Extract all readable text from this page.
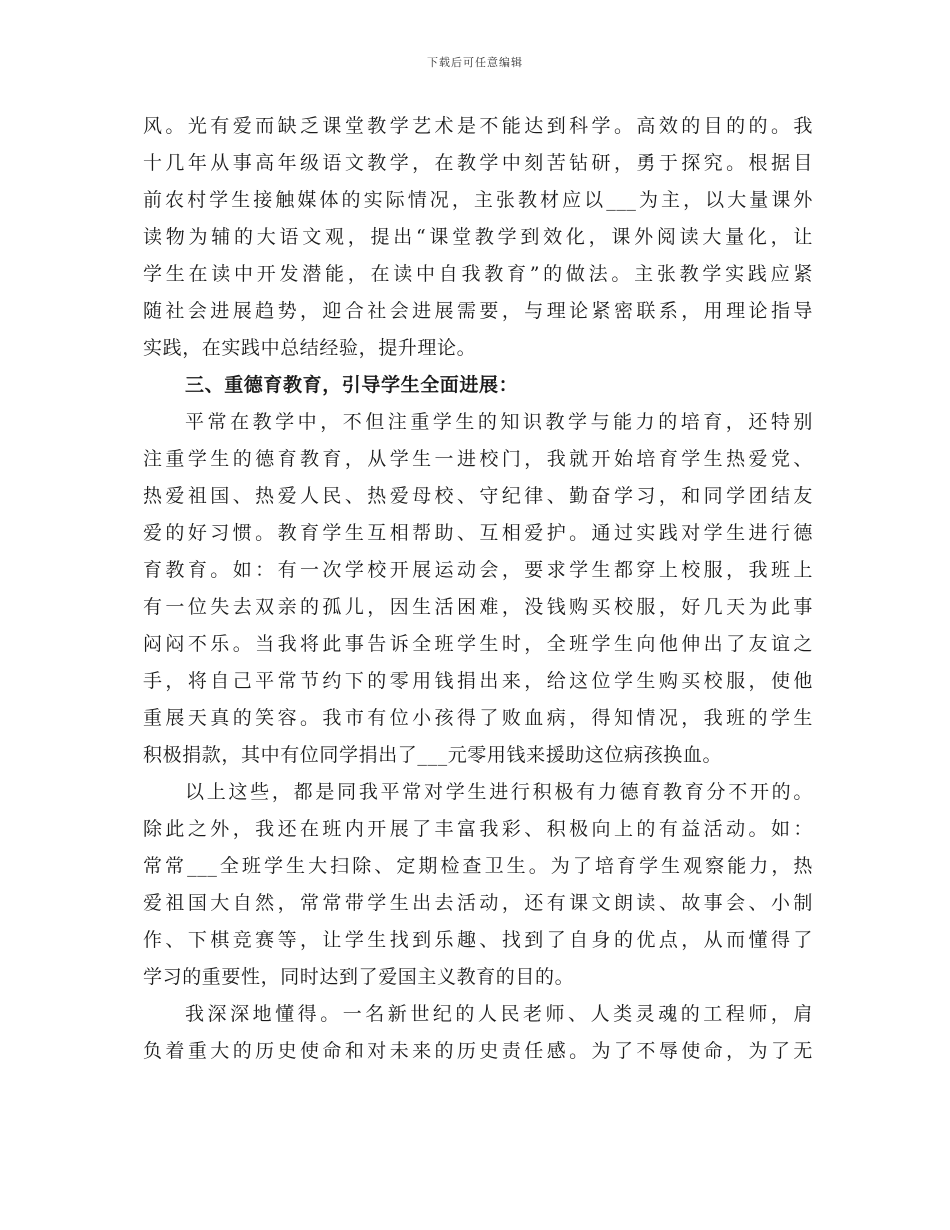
下载后可任意编辑
风。光有爱而缺乏课堂教学艺术是不能达到科学。高效的目的的。我
十几年从事高年级语文教学，在教学中刻苦钻研，勇于探究。根据目
前农村学生接触媒体的实际情况，主张教材应以___为主，以大量课外
读物为辅的大语文观，提出“课堂教学到效化，课外阅读大量化，让
学生在读中开发潜能，在读中自我教育”的做法。主张教学实践应紧
随社会进展趋势，迎合社会进展需要，与理论紧密联系，用理论指导
实践，在实践中总结经验，提升理论。
三、重德育教育，引导学生全面进展：
平常在教学中，不但注重学生的知识教学与能力的培育，还特别
注重学生的德育教育，从学生一进校门，我就开始培育学生热爱党、
热爱祖国、热爱人民、热爱母校、守纪律、勤奋学习，和同学团结友
爱的好习惯。教育学生互相帮助、互相爱护。通过实践对学生进行德
育教育。如：有一次学校开展运动会，要求学生都穿上校服，我班上
有一位失去双亲的孤儿，因生活困难，没钱购买校服，好几天为此事
闷闷不乐。当我将此事告诉全班学生时，全班学生向他伸出了友谊之
手，将自己平常节约下的零用钱捐出来，给这位学生购买校服，使他
重展天真的笑容。我市有位小孩得了败血病，得知情况，我班的学生
积极捐款，其中有位同学捐出了___元零用钱来援助这位病孩换血。
以上这些，都是同我平常对学生进行积极有力德育教育分不开的。
除此之外，我还在班内开展了丰富我彩、积极向上的有益活动。如：
常常___全班学生大扫除、定期检查卫生。为了培育学生观察能力，热
爱祖国大自然，常常带学生出去活动，还有课文朗读、故事会、小制
作、下棋竞赛等，让学生找到乐趣、找到了自身的优点，从而懂得了
学习的重要性，同时达到了爱国主义教育的目的。
我深深地懂得。一名新世纪的人民老师、人类灵魂的工程师，肩
负着重大的历史使命和对未来的历史责任感。为了不辱使命，为了无
